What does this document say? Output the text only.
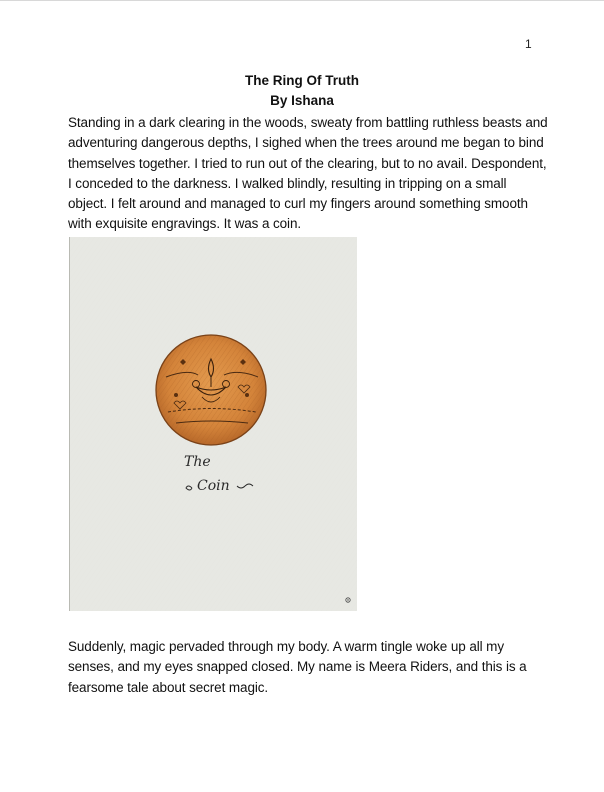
1
The Ring Of Truth
By Ishana

Standing in a dark clearing in the woods, sweaty from battling ruthless beasts and adventuring dangerous depths, I sighed when the trees around me began to bind themselves together. I tried to run out of the clearing, but to no avail. Despondent, I conceded to the darkness. I walked blindly, resulting in tripping on a small object. I felt around and managed to curl my fingers around something smooth with exquisite engravings. It was a coin.

The
Coin

Suddenly, magic pervaded through my body. A warm tingle woke up all my senses, and my eyes snapped closed. My name is Meera Riders, and this is a fearsome tale about secret magic.
